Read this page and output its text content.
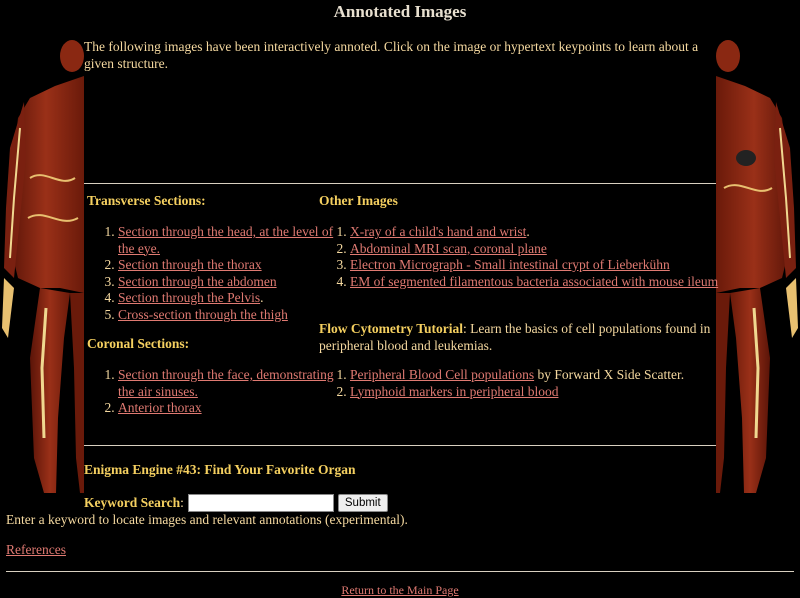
Annotated Images
The following images have been interactively annoted. Click on the image or hypertext keypoints to learn about a given structure.
Transverse Sections:
1. Section through the head, at the level of the eye.
2. Section through the thorax
3. Section through the abdomen
4. Section through the Pelvis.
5. Cross-section through the thigh
Coronal Sections:
1. Section through the face, demonstrating the air sinuses.
2. Anterior thorax
Other Images
1. X-ray of a child's hand and wrist.
2. Abdominal MRI scan, coronal plane
3. Electron Micrograph - Small intestinal crypt of Lieberkühn
4. EM of segmented filamentous bacteria associated with mouse ileum
Flow Cytometry Tutorial: Learn the basics of cell populations found in peripheral blood and leukemias.
1. Peripheral Blood Cell populations by Forward X Side Scatter.
2. Lymphoid markers in peripheral blood
Enigma Engine #43: Find Your Favorite Organ
Keyword Search :	Submit
Enter a keyword to locate images and relevant annotations (experimental).
References
Return to the Main Page
